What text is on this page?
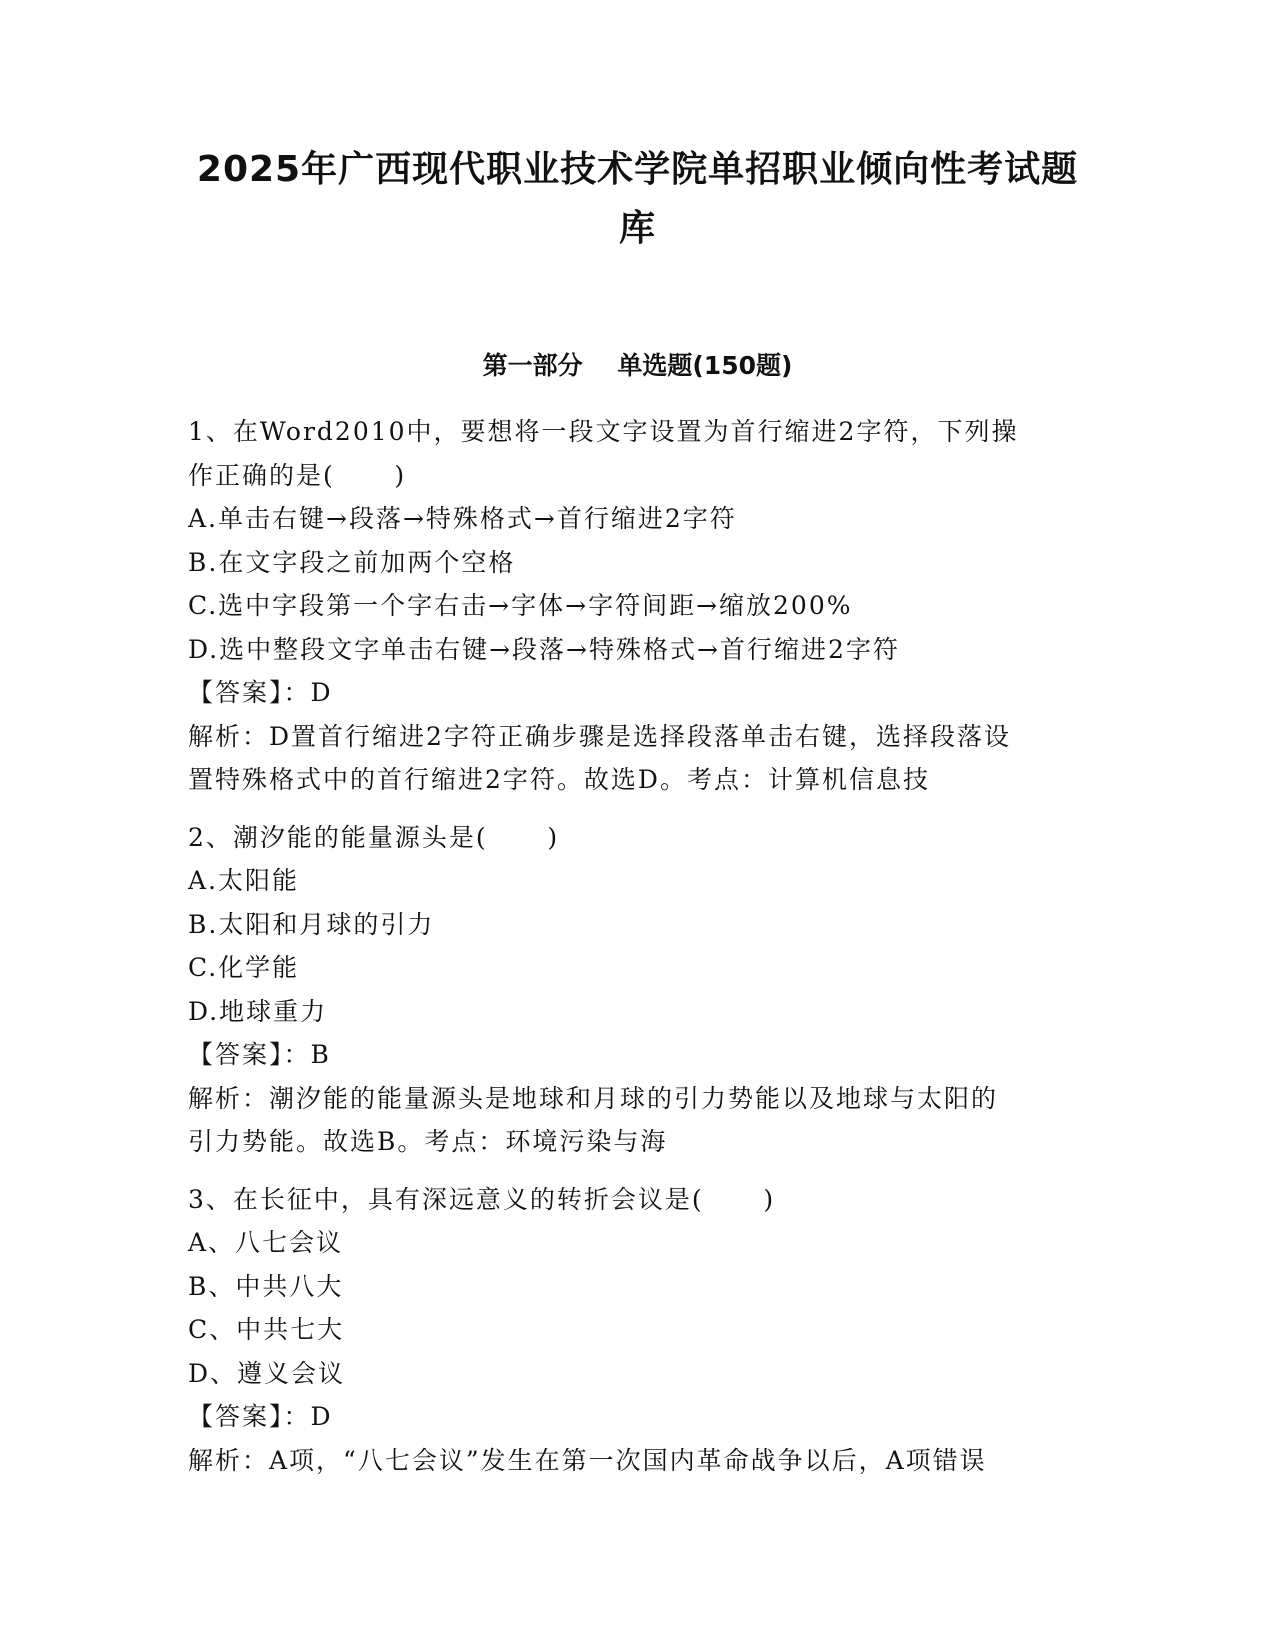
2025年广西现代职业技术学院单招职业倾向性考试题
库
第一部分    单选题(150题)
1、在Word2010中，要想将一段文字设置为首行缩进2字符，下列操
作正确的是(      )
A.单击右键→段落→特殊格式→首行缩进2字符
B.在文字段之前加两个空格
C.选中字段第一个字右击→字体→字符间距→缩放200%
D.选中整段文字单击右键→段落→特殊格式→首行缩进2字符
【答案】：D
解析：D置首行缩进2字符正确步骤是选择段落单击右键，选择段落设
置特殊格式中的首行缩进2字符。故选D。考点：计算机信息技
2、潮汐能的能量源头是(      )
A.太阳能
B.太阳和月球的引力
C.化学能
D.地球重力
【答案】：B
解析：潮汐能的能量源头是地球和月球的引力势能以及地球与太阳的
引力势能。故选B。考点：环境污染与海
3、在长征中，具有深远意义的转折会议是(      )
A、八七会议
B、中共八大
C、中共七大
D、遵义会议
【答案】：D
解析：A项，“八七会议”发生在第一次国内革命战争以后，A项错误
